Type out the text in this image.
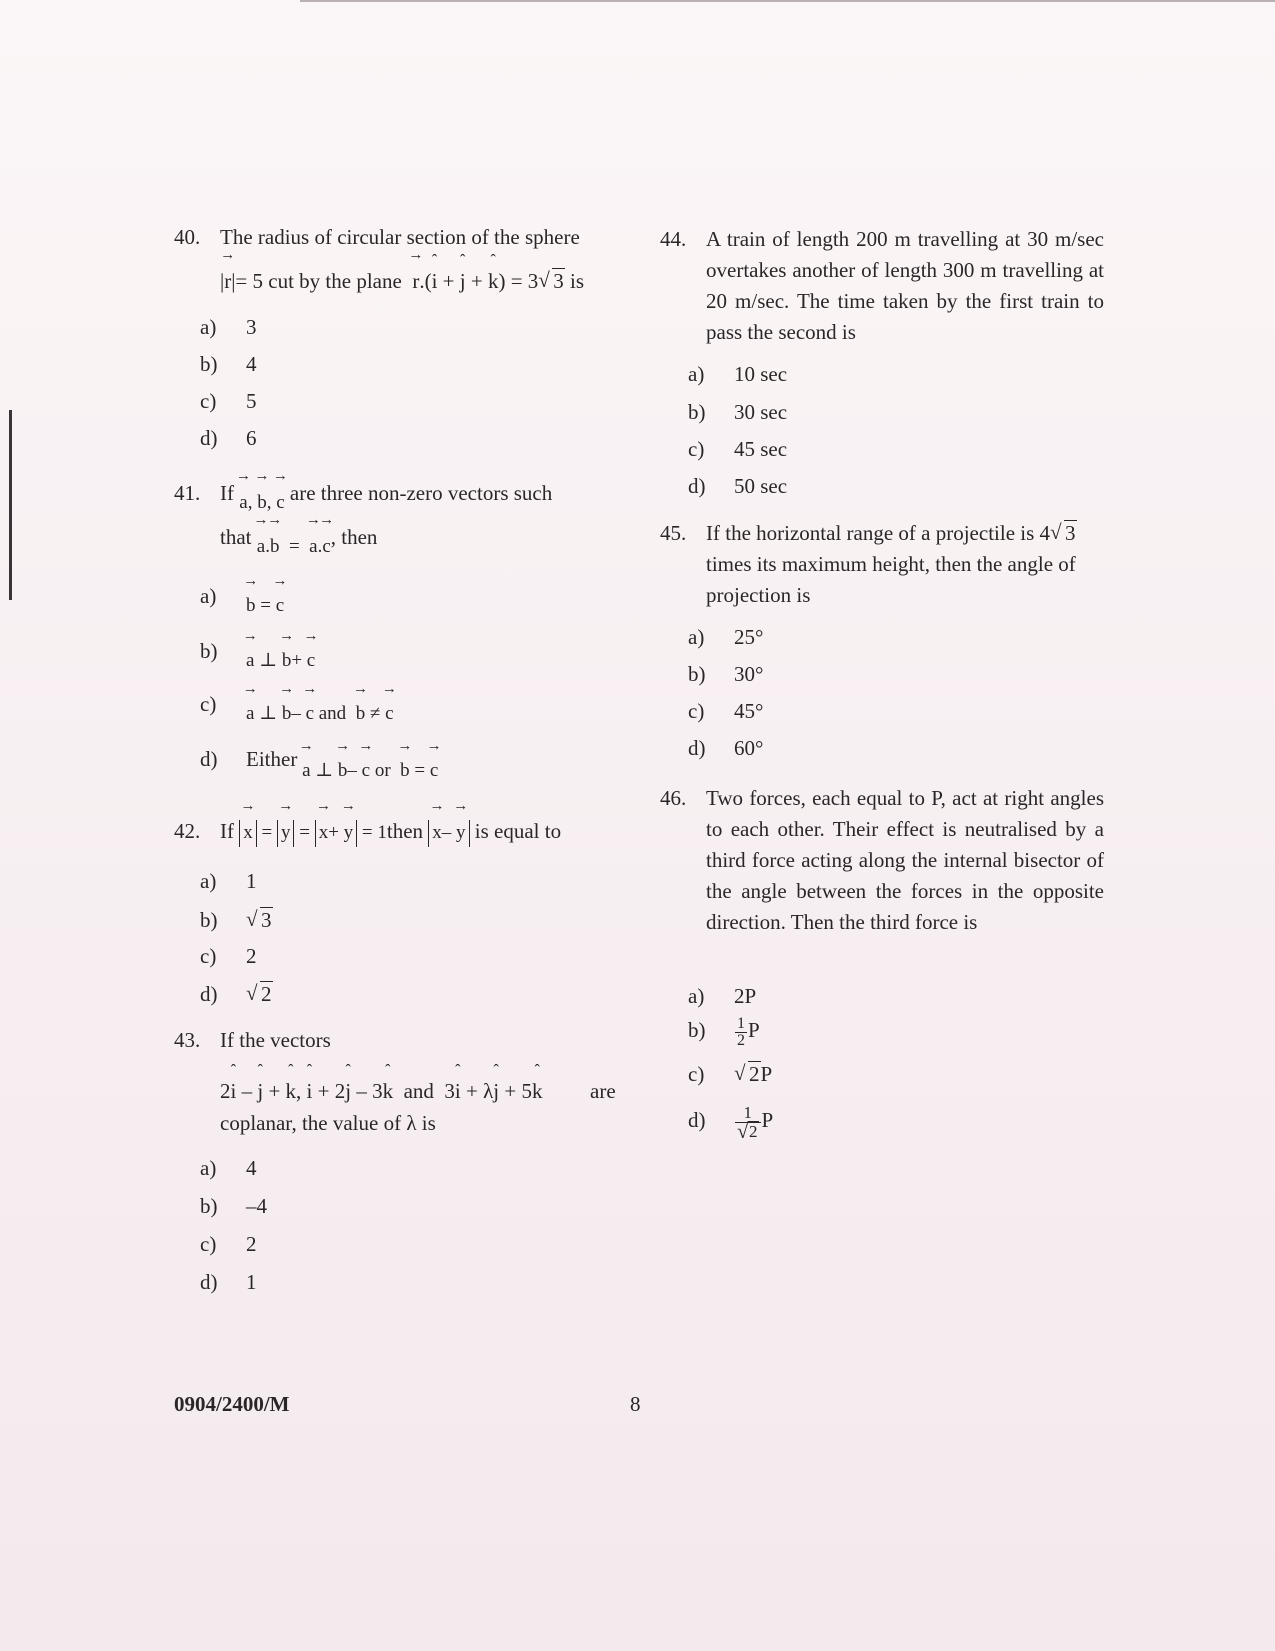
40. The radius of circular section of the sphere
|→ r|= 5 cut by the plane → r.(ˆ i + ˆ j + ˆ k) = 3 √ 3 is
a) 3
b) 4
c) 5
d) 6
41. If → a, → b, → c are three non-zero vectors such
that → a.→ b  =  → a.→ c, then
a) → b = → c
b) → a ⊥ → b+ → c
c) → a ⊥ → b– → c and → b ≠ → c
d) Either → a ⊥ → b– → c or → b = → c
42. If → x = → y = → x+ → y = 1then → x– → y is equal to
a) 1
b) √ 3
c) 2
d) √ 2
43. If the vectors
2ˆ i – ˆ j + ˆ k, ˆ i + 2ˆ j – 3ˆ k and  3ˆ i + λˆ j + 5ˆ k are
coplanar, the value of λ is
a) 4
b) –4
c) 2
d) 1
44. A train of length 200 m travelling at 30 m/sec overtakes another of length 300 m travelling at 20 m/sec. The time taken by the first train to pass the second is
a) 10 sec
b) 30 sec
c) 45 sec
d) 50 sec
45. If the horizontal range of a projectile is 4 √ 3 times its maximum height, then the angle of projection is
a) 25 °
b) 30 °
c) 45 °
d) 60 °
46. Two forces, each equal to P, act at right angles to each other. Their effect is neutralised by a third force acting along the internal bisector of the angle between the forces in the opposite direction. Then the third force is
a) 2P
$b) \frac{1}{2}$ P
c) √ 2P
d) 1
√ 2 P
0904/2400/M	8
